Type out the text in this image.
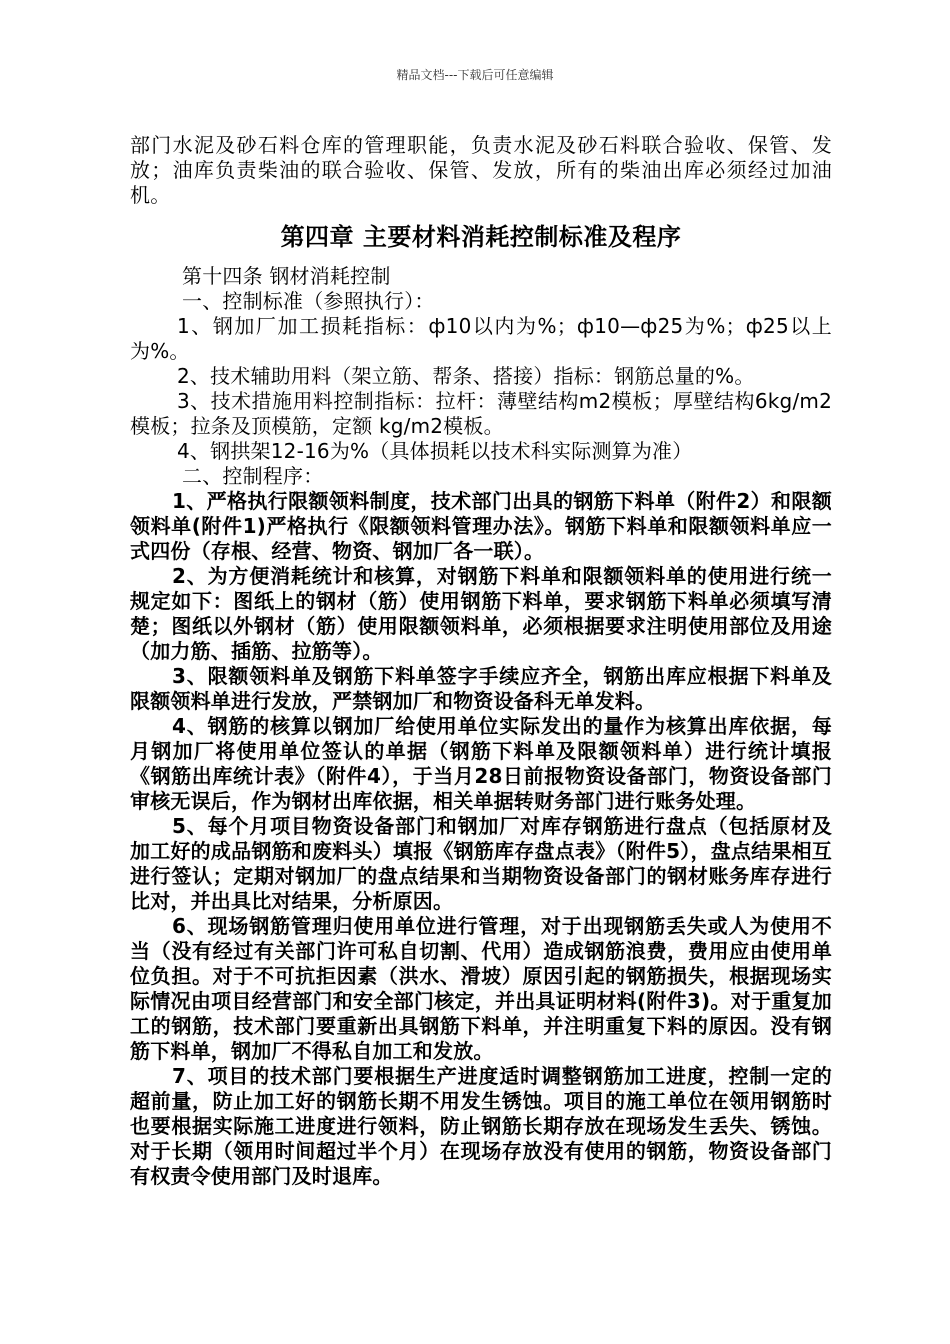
精品文档---下载后可任意编辑

部门水泥及砂石料仓库的管理职能，负责水泥及砂石料联合验收、保管、发放；油库负责柴油的联合验收、保管、发放，所有的柴油出库必须经过加油机。

第四章 主要材料消耗控制标准及程序

第十四条 钢材消耗控制

一、控制标准（参照执行）：

1、钢加厂加工损耗指标：ф10以内为%；ф10—ф25为%；ф25以上为%。

2、技术辅助用料（架立筋、帮条、搭接）指标：钢筋总量的%。

3、技术措施用料控制指标：拉杆：薄壁结构m2模板；厚壁结构6kg/m2模板；拉条及顶模筋，定额 kg/m2模板。

4、钢拱架12-16为%（具体损耗以技术科实际测算为准）

二、控制程序：

1、严格执行限额领料制度，技术部门出具的钢筋下料单（附件2）和限额领料单(附件1)严格执行《限额领料管理办法》。钢筋下料单和限额领料单应一式四份（存根、经营、物资、钢加厂各一联）。

2、为方便消耗统计和核算，对钢筋下料单和限额领料单的使用进行统一规定如下：图纸上的钢材（筋）使用钢筋下料单，要求钢筋下料单必须填写清楚；图纸以外钢材（筋）使用限额领料单，必须根据要求注明使用部位及用途（加力筋、插筋、拉筋等）。

3、限额领料单及钢筋下料单签字手续应齐全，钢筋出库应根据下料单及限额领料单进行发放，严禁钢加厂和物资设备科无单发料。

4、钢筋的核算以钢加厂给使用单位实际发出的量作为核算出库依据，每月钢加厂将使用单位签认的单据（钢筋下料单及限额领料单）进行统计填报《钢筋出库统计表》（附件4），于当月28日前报物资设备部门，物资设备部门审核无误后，作为钢材出库依据，相关单据转财务部门进行账务处理。

5、每个月项目物资设备部门和钢加厂对库存钢筋进行盘点（包括原材及加工好的成品钢筋和废料头）填报《钢筋库存盘点表》（附件5），盘点结果相互进行签认；定期对钢加厂的盘点结果和当期物资设备部门的钢材账务库存进行比对，并出具比对结果，分析原因。

6、现场钢筋管理归使用单位进行管理，对于出现钢筋丢失或人为使用不当（没有经过有关部门许可私自切割、代用）造成钢筋浪费，费用应由使用单位负担。对于不可抗拒因素（洪水、滑坡）原因引起的钢筋损失，根据现场实际情况由项目经营部门和安全部门核定，并出具证明材料(附件3)。对于重复加工的钢筋，技术部门要重新出具钢筋下料单，并注明重复下料的原因。没有钢筋下料单，钢加厂不得私自加工和发放。

7、项目的技术部门要根据生产进度适时调整钢筋加工进度，控制一定的超前量，防止加工好的钢筋长期不用发生锈蚀。项目的施工单位在领用钢筋时也要根据实际施工进度进行领料，防止钢筋长期存放在现场发生丢失、锈蚀。对于长期（领用时间超过半个月）在现场存放没有使用的钢筋，物资设备部门有权责令使用部门及时退库。
